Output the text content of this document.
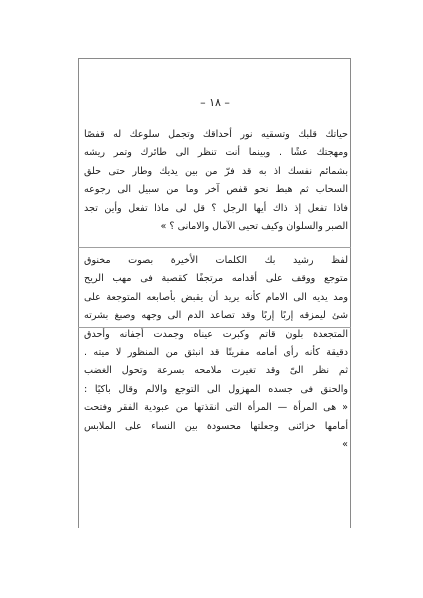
– ١٨ –
حياتك قلبك وتسقيه نور أحداقك وتجمل سلوعك له قفصًا
ومهجتك عشًا . وبينما أنت تنظر الى طائرك وتمر ريشه
بشمائم نفسك اذ به قد فرّ من بين يديك وطار حتى حلق
السحاب ثم هبط نحو قفص آخر وما من سبيل الى رجوعه
فاذا تفعل إذ ذاك أيها الرجل ؟ قل لى ماذا تفعل وأين تجد
الصبر والسلوان وكيف تحيى الآمال والامانى ؟ »
لفظ رشيد بك الكلمات الأخيرة بصوت مخنوق
متوجع ووقف على أقدامه مرتجفًا كقصبة فى مهب الريح
ومد يديه الى الامام كأنه يريد أن يقبض بأصابعه المتوجعة على
شئ ليمزقه إربًا إربًا وقد تصاعد الدم الى وجهه وصبغ بشرته
المتجعدة بلون قاتم وكبرت عيناه وجمدت أجفانه وأحدق
دقيقة كأنه رأى أمامه مفريتًا قد انبثق من المنظور لا ميته .
ثم نظر الىّ وقد تغيرت ملامحه بسرعة وتحول الغضب
والحنق فى جسده المهزول الى التوجع والالم وقال باكيًا :
« هى المرأة — المرأة التى انقذتها من عبودية الفقر وفتحت
أمامها خزائنى وجعلتها محسودة بين النساء على الملابس
»
